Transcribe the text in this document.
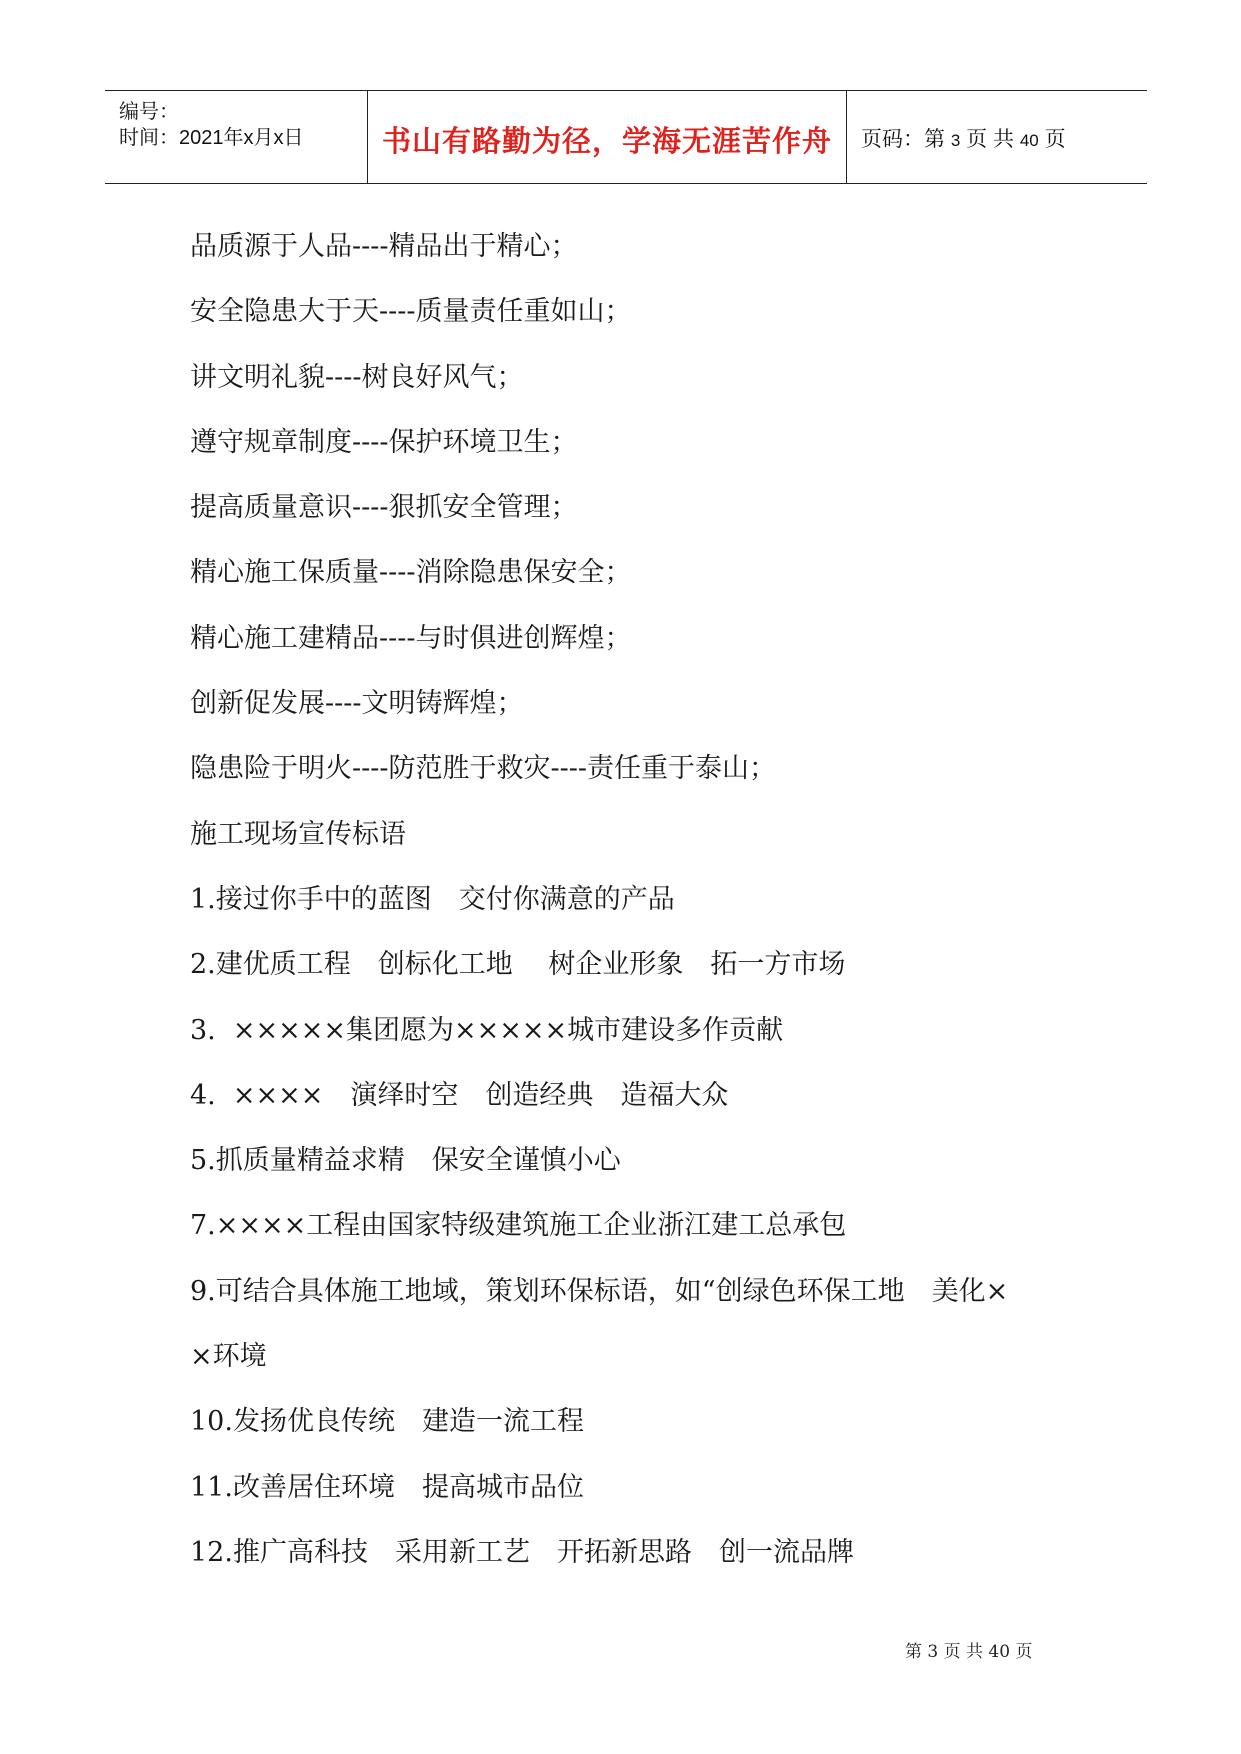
编号：
时间：2021年x月x日	书山有路勤为径，学海无涯苦作舟	页码：第 3 页 共 40 页
品质源于人品----精品出于精心；
安全隐患大于天----质量责任重如山；
讲文明礼貌----树良好风气；
遵守规章制度----保护环境卫生；
提高质量意识----狠抓安全管理；
精心施工保质量----消除隐患保安全；
精心施工建精品----与时俱进创辉煌；
创新促发展----文明铸辉煌；
隐患险于明火----防范胜于救灾----责任重于泰山；
施工现场宣传标语
1.接过你手中的蓝图　交付你满意的产品
2.建优质工程　创标化工地　 树企业形象　拓一方市场
3.  ×××××集团愿为×××××城市建设多作贡献
4.  ××××　演绎时空　创造经典　造福大众
5.抓质量精益求精　保安全谨慎小心
7.××××工程由国家特级建筑施工企业浙江建工总承包
9.可结合具体施工地域，策划环保标语，如“创绿色环保工地　美化×
×环境
10.发扬优良传统　建造一流工程
11.改善居住环境　提高城市品位
12.推广高科技　采用新工艺　开拓新思路　创一流品牌
第 3 页 共 40 页
